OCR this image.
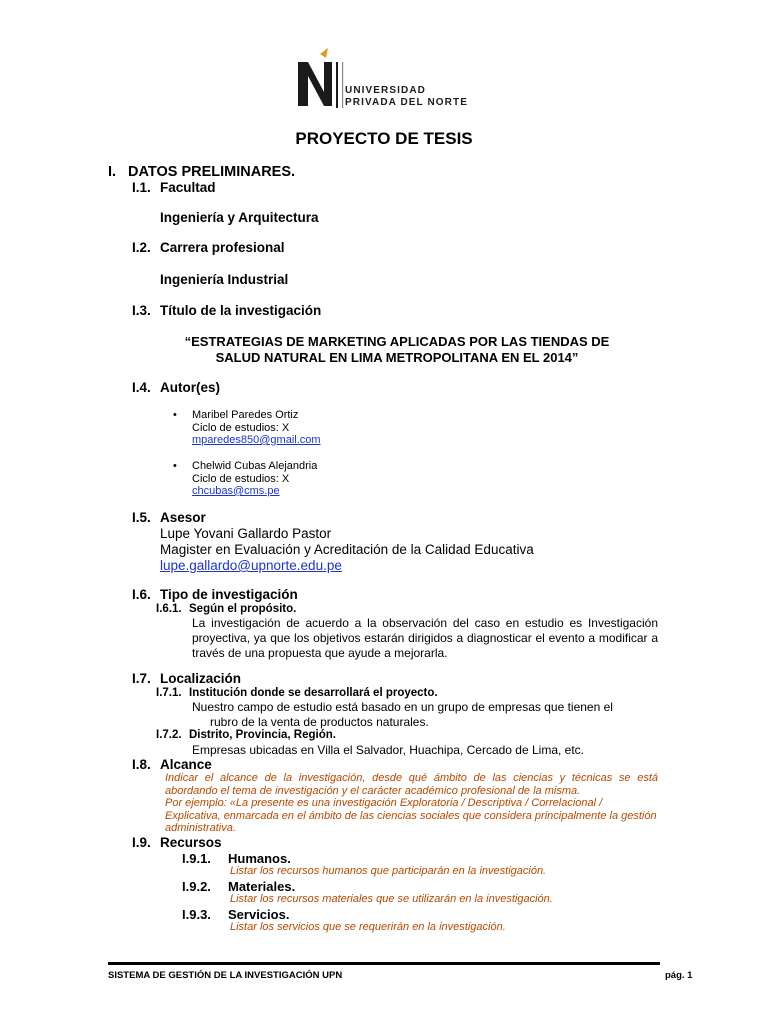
UNIVERSIDAD
PRIVADA DEL NORTE
PROYECTO DE TESIS
I. DATOS PRELIMINARES.
I.1. Facultad
Ingeniería y Arquitectura
I.2. Carrera profesional
Ingeniería Industrial
I.3. Título de la investigación
“ESTRATEGIAS DE MARKETING APLICADAS POR LAS TIENDAS DE
SALUD NATURAL EN LIMA METROPOLITANA EN EL 2014”
I.4. Autor(es)
• Maribel Paredes Ortiz
Ciclo de estudios: X
mparedes850@gmail.com
• Chelwid Cubas Alejandria
Ciclo de estudios: X
chcubas@cms.pe
I.5. Asesor
Lupe Yovani Gallardo Pastor
Magister en Evaluación y Acreditación de la Calidad Educativa
lupe.gallardo@upnorte.edu.pe
I.6. Tipo de investigación
I.6.1. Según el propósito.
La investigación de acuerdo a la observación del caso en estudio es Investigación proyectiva, ya que los objetivos estarán dirigidos a diagnosticar el evento a modificar a través de una propuesta que ayude a mejorarla.
I.7. Localización
I.7.1. Institución donde se desarrollará el proyecto.
Nuestro campo de estudio está basado en un grupo de empresas que tienen el
rubro de la venta de productos naturales.
I.7.2. Distrito, Provincia, Región.
Empresas ubicadas en Villa el Salvador, Huachipa, Cercado de Lima, etc.
I.8. Alcance
Indicar el alcance de la investigación, desde qué ámbito de las ciencias y técnicas se está abordando el tema de investigación y el carácter académico profesional de la misma.
Por ejemplo: «La presente es una investigación Exploratoria / Descriptiva / Correlacional / Explicativa, enmarcada en el ámbito de las ciencias sociales que considera principalmente la gestión administrativa.
I.9. Recursos
I.9.1. Humanos.
Listar los recursos humanos que participarán en la investigación.
I.9.2. Materiales.
Listar los recursos materiales que se utilizarán en la investigación.
I.9.3. Servicios.
Listar los servicios que se requerirán en la investigación.
SISTEMA DE GESTIÓN DE LA INVESTIGACIÓN UPN	pág. 1
